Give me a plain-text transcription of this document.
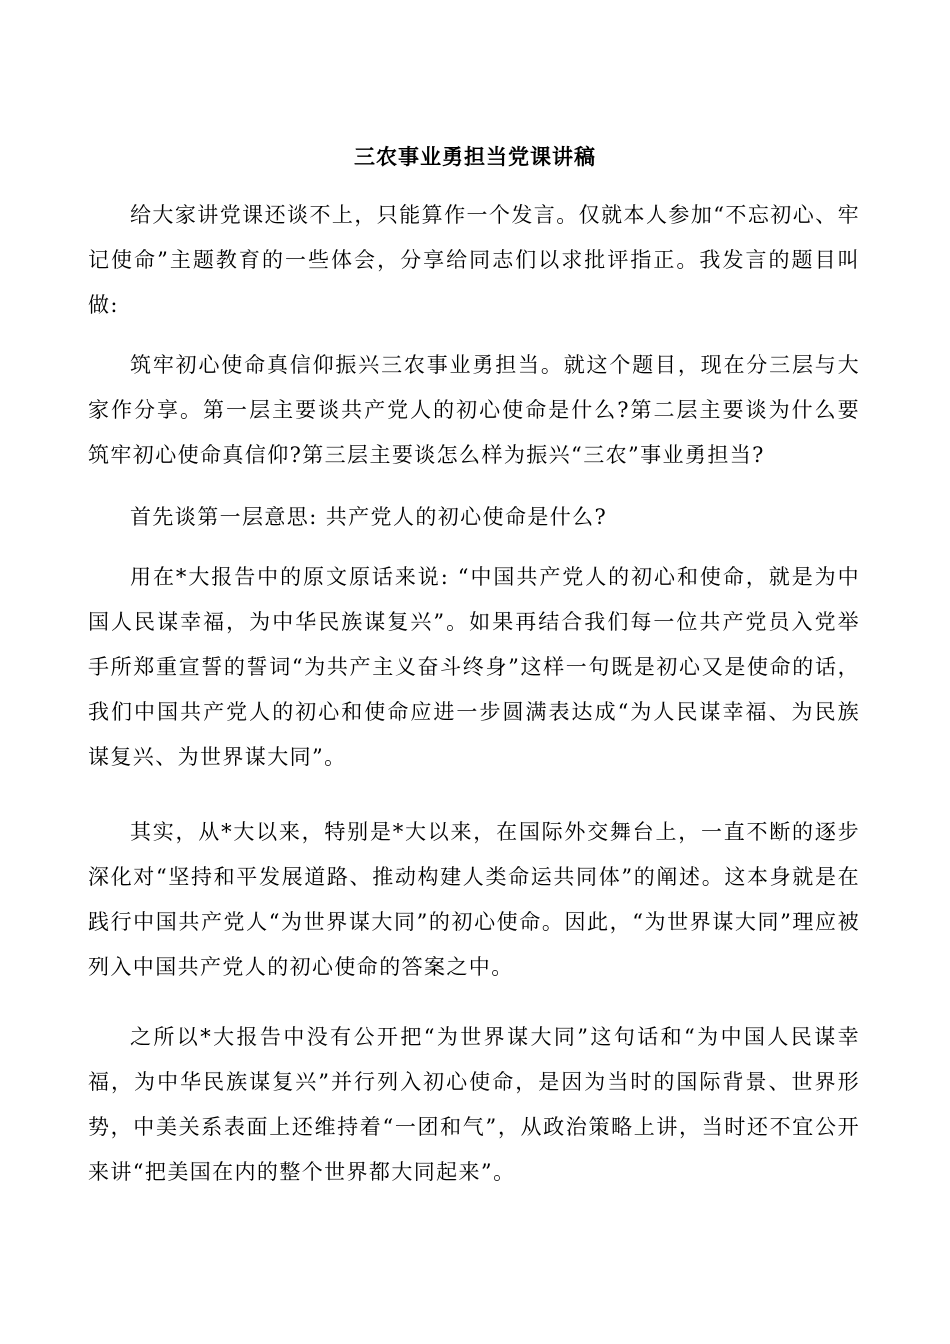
三农事业勇担当党课讲稿

给大家讲党课还谈不上，只能算作一个发言。仅就本人参加“不忘初心、牢记使命”主题教育的一些体会，分享给同志们以求批评指正。我发言的题目叫做:

筑牢初心使命真信仰振兴三农事业勇担当。就这个题目，现在分三层与大家作分享。第一层主要谈共产党人的初心使命是什么?第二层主要谈为什么要筑牢初心使命真信仰?第三层主要谈怎么样为振兴“三农”事业勇担当?

首先谈第一层意思: 共产党人的初心使命是什么?

用在*大报告中的原文原话来说: “中国共产党人的初心和使命，就是为中国人民谋幸福，为中华民族谋复兴”。如果再结合我们每一位共产党员入党举手所郑重宣誓的誓词“为共产主义奋斗终身”这样一句既是初心又是使命的话，我们中国共产党人的初心和使命应进一步圆满表达成“为人民谋幸福、为民族谋复兴、为世界谋大同”。

其实，从*大以来，特别是*大以来，在国际外交舞台上，一直不断的逐步深化对“坚持和平发展道路、推动构建人类命运共同体”的阐述。这本身就是在践行中国共产党人“为世界谋大同”的初心使命。因此，“为世界谋大同”理应被列入中国共产党人的初心使命的答案之中。

之所以*大报告中没有公开把“为世界谋大同”这句话和“为中国人民谋幸福，为中华民族谋复兴”并行列入初心使命，是因为当时的国际背景、世界形势，中美关系表面上还维持着“一团和气”，从政治策略上讲，当时还不宜公开来讲“把美国在内的整个世界都大同起来”。
